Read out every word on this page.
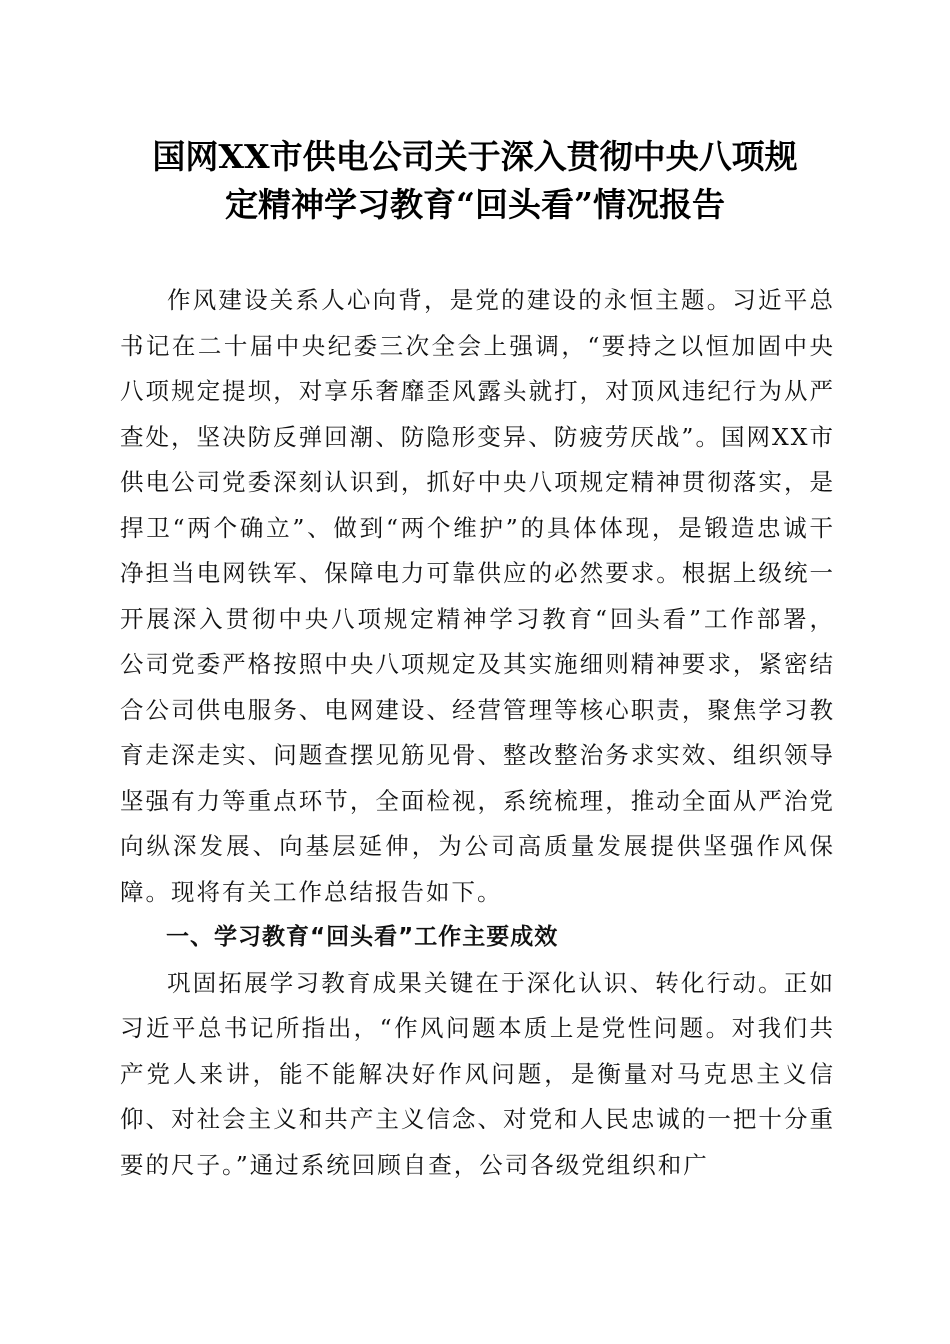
国网XX市供电公司关于深入贯彻中央八项规
定精神学习教育“回头看”情况报告

作风建设关系人心向背，是党的建设的永恒主题。习近平总书记在二十届中央纪委三次全会上强调，“要持之以恒加固中央八项规定提坝，对享乐奢靡歪风露头就打，对顶风违纪行为从严查处，坚决防反弹回潮、防隐形变异、防疲劳厌战”。国网XX市供电公司党委深刻认识到，抓好中央八项规定精神贯彻落实，是捍卫“两个确立”、做到“两个维护”的具体体现，是锻造忠诚干净担当电网铁军、保障电力可靠供应的必然要求。根据上级统一开展深入贯彻中央八项规定精神学习教育“回头看”工作部署，公司党委严格按照中央八项规定及其实施细则精神要求，紧密结合公司供电服务、电网建设、经营管理等核心职责，聚焦学习教育走深走实、问题查摆见筋见骨、整改整治务求实效、组织领导坚强有力等重点环节，全面检视，系统梳理，推动全面从严治党向纵深发展、向基层延伸，为公司高质量发展提供坚强作风保障。现将有关工作总结报告如下。

一、学习教育“回头看”工作主要成效

巩固拓展学习教育成果关键在于深化认识、转化行动。正如习近平总书记所指出，“作风问题本质上是党性问题。对我们共产党人来讲，能不能解决好作风问题，是衡量对马克思主义信仰、对社会主义和共产主义信念、对党和人民忠诚的一把十分重要的尺子。”通过系统回顾自查，公司各级党组织和广
